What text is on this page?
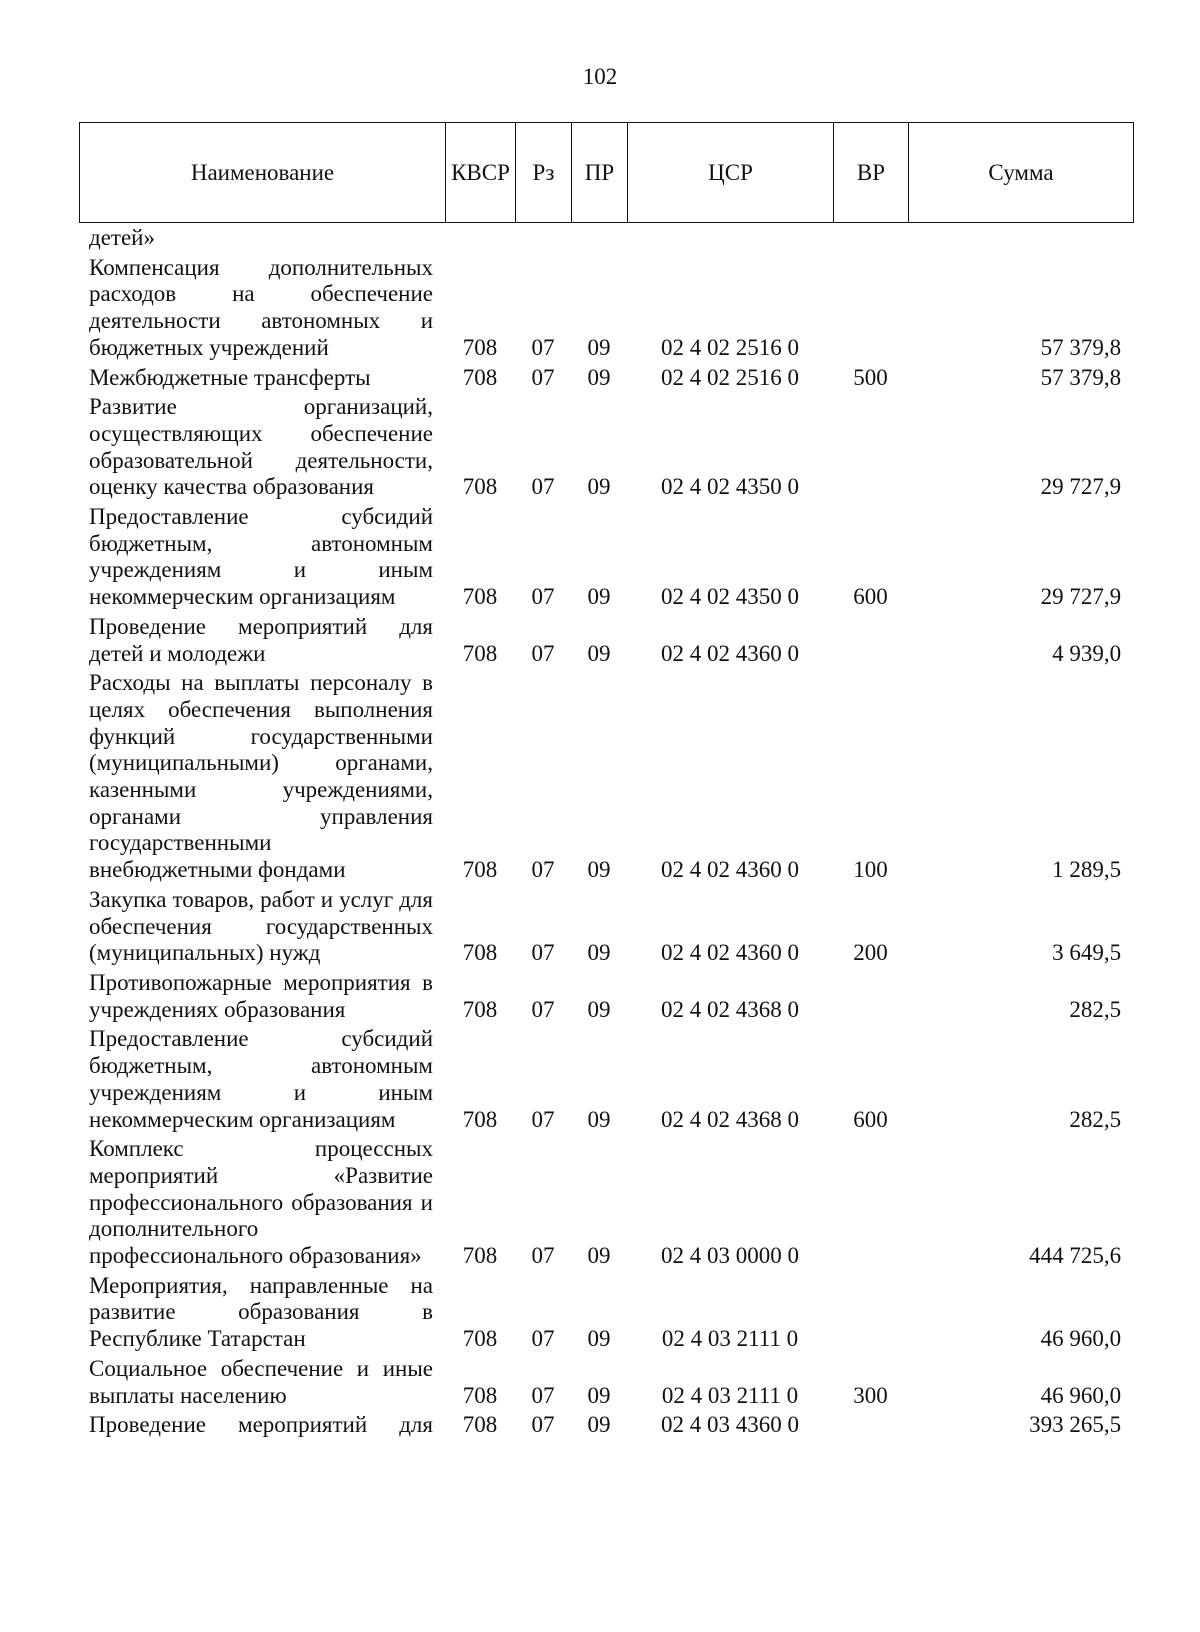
102
Наименование	КВСР	Рз	ПР	ЦСР	ВР	Сумма
детей»						
Компенсация дополнительных расходов на обеспечение деятельности автономных и бюджетных учреждений	708	07	09	02 4 02 2516 0		57 379,8
Межбюджетные трансферты	708	07	09	02 4 02 2516 0	500	57 379,8
Развитие организаций, осуществляющих обеспечение образовательной деятельности, оценку качества образования	708	07	09	02 4 02 4350 0		29 727,9
Предоставление субсидий бюджетным, автономным учреждениям и иным некоммерческим организациям	708	07	09	02 4 02 4350 0	600	29 727,9
Проведение мероприятий для детей и молодежи	708	07	09	02 4 02 4360 0		4 939,0
Расходы на выплаты персоналу в целях обеспечения выполнения функций государственными (муниципальными) органами, казенными учреждениями, органами управления государственными внебюджетными фондами	708	07	09	02 4 02 4360 0	100	1 289,5
Закупка товаров, работ и услуг для обеспечения государственных (муниципальных) нужд	708	07	09	02 4 02 4360 0	200	3 649,5
Противопожарные мероприятия в учреждениях образования	708	07	09	02 4 02 4368 0		282,5
Предоставление субсидий бюджетным, автономным учреждениям и иным некоммерческим организациям	708	07	09	02 4 02 4368 0	600	282,5
Комплекс процессных мероприятий «Развитие профессионального образования и дополнительного профессионального образования»	708	07	09	02 4 03 0000 0		444 725,6
Мероприятия, направленные на развитие образования в Республике Татарстан	708	07	09	02 4 03 2111 0		46 960,0
Социальное обеспечение и иные выплаты населению	708	07	09	02 4 03 2111 0	300	46 960,0
Проведение мероприятий для	708	07	09	02 4 03 4360 0		393 265,5
